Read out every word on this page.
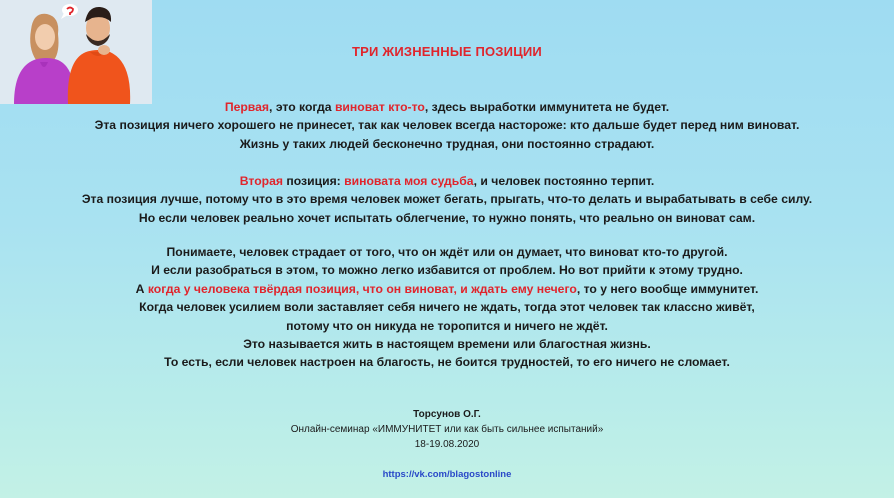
ТРИ ЖИЗНЕННЫЕ ПОЗИЦИИ
Первая, это когда виноват кто-то, здесь выработки иммунитета не будет.
Эта позиция ничего хорошего не принесет, так как человек всегда настороже: кто дальше будет перед ним виноват.
Жизнь у таких людей бесконечно трудная, они постоянно страдают.
Вторая позиция: виновата моя судьба, и человек постоянно терпит.
Эта позиция лучше, потому что в это время человек может бегать, прыгать, что-то делать и вырабатывать в себе силу.
Но если человек реально хочет испытать облегчение, то нужно понять, что реально он виноват сам.
Понимаете, человек страдает от того, что он ждёт или он думает, что виноват кто-то другой.
И если разобраться в этом, то можно легко избавится от проблем. Но вот прийти к этому трудно.
А когда у человека твёрдая позиция, что он виноват, и ждать ему нечего, то у него вообще иммунитет.
Когда человек усилием воли заставляет себя ничего не ждать, тогда этот человек так классно живёт,
потому что он никуда не торопится и ничего не ждёт.
Это называется жить в настоящем времени или благостная жизнь.
То есть, если человек настроен на благость, не боится трудностей, то его ничего не сломает.
Торсунов О.Г.
Онлайн-семинар «ИММУНИТЕТ или как быть сильнее испытаний»
18-19.08.2020
https://vk.com/blagostonline
